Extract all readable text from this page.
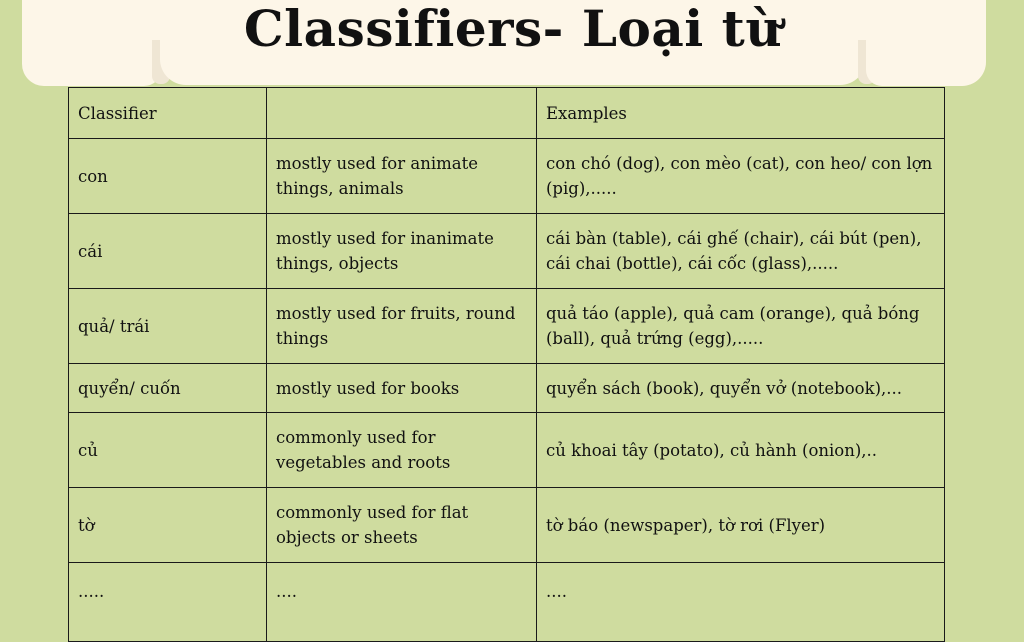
Classifiers- Loại từ
Classifier		Examples
con	mostly used for animate things, animals	con chó (dog), con mèo (cat), con heo/ con lợn (pig),.....
cái	mostly used for inanimate things, objects	cái bàn (table), cái ghế (chair), cái bút (pen), cái chai (bottle), cái cốc (glass),.....
quả/ trái	mostly used for fruits, round things	quả táo (apple), quả cam (orange), quả bóng (ball), quả trứng (egg),.....
quyển/ cuốn	mostly used for books	quyển sách (book), quyển vở (notebook),...
củ	commonly used for vegetables and roots	củ khoai tây (potato), củ hành (onion),..
tờ	commonly used for flat objects or sheets	tờ báo (newspaper), tờ rơi (Flyer)
.....	....	....
